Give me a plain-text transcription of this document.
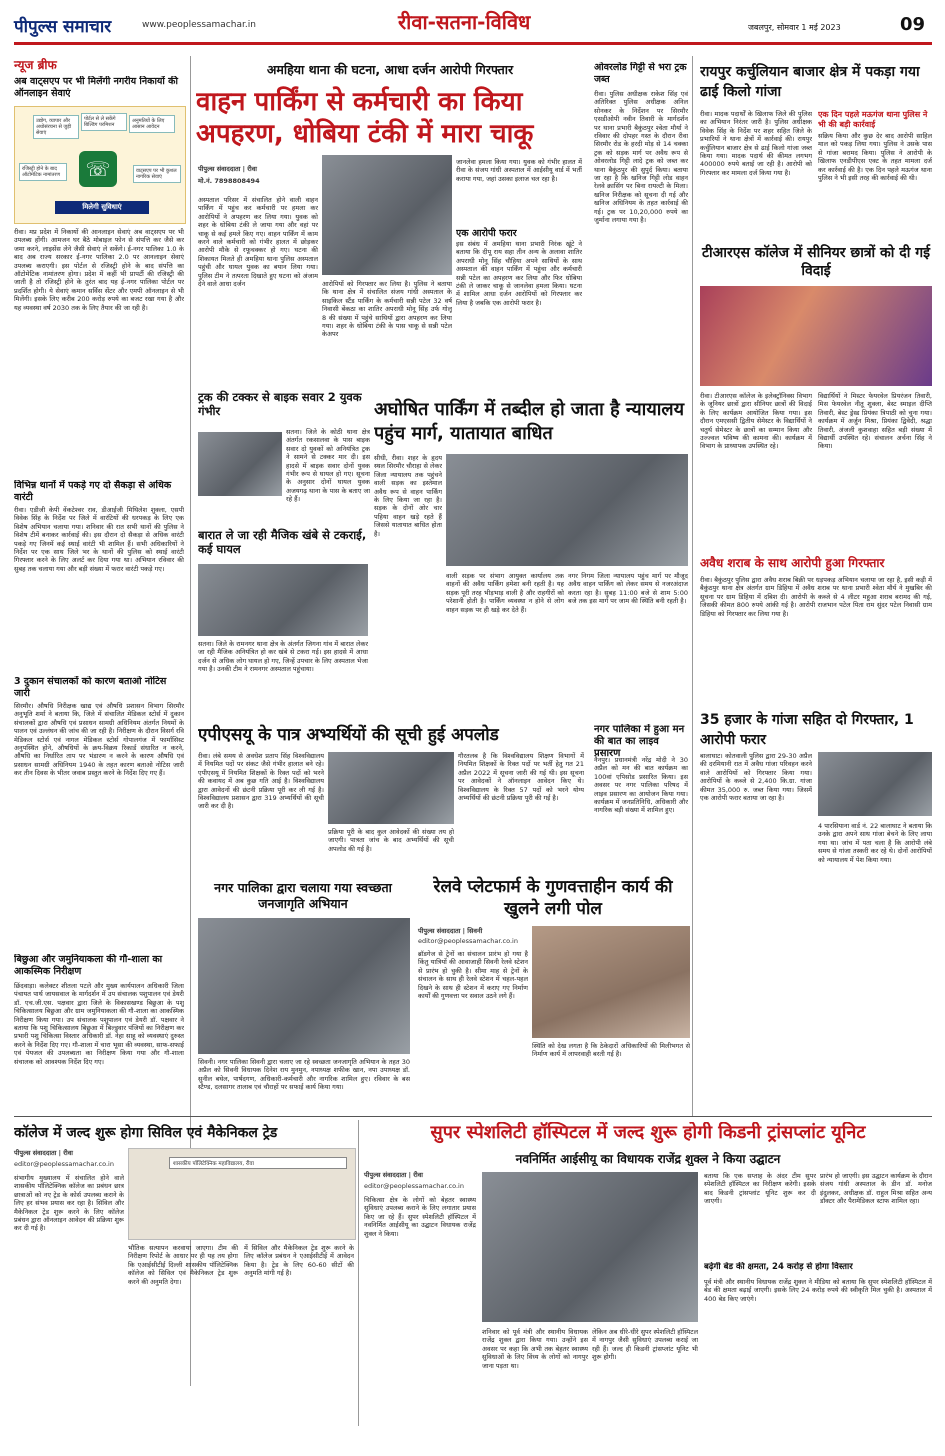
पीपुल्स समाचार	www.peoplessamachar.in	रीवा-सतना-विविध	जबलपुर, सोमवार 1 मई 2023	09
न्यूज ब्रीफ
अब वाट्सएप पर भी मिलेंगी नगरीय निकायों की ऑनलाइन सेवाएं
उद्योग, व्यापार और अधोसंरचना से जुड़ी सेवाएं
पोर्टल से ले सकेंगे बिल्डिंग परमिशन
अनुमतियों के लिए आसान आवेदन
रजिस्ट्री होने के बाद ऑटोमेटिक नामांतरण
वाट्सएप पर भी कुशल नागरिक सेवाएं
☏
मिलेगी सुविधाएं
रीवा। मप्र प्रदेश में निकायों की आनलाइन सेवाएं अब वाट्सएप पर भी उपलब्ध होंगी। आमजन घर बैठे मोबाइल फोन से संपत्ति कर जैसे कर जमा करने, लाइसेंस लेने जैसी सेवाएं ले सकेंगे। ई-नगर पालिका 1.0 के बाद अब राज्य सरकार ई-नगर पालिका 2.0 पर आनलाइन सेवाएं उपलब्ध कराएगी। इस पोर्टल से रजिस्ट्री होने के बाद संपत्ति का ऑटोमेटिक नामांतरण होगा। प्रदेश में कहीं भी प्रापर्टी की रजिस्ट्री की जाती है तो रजिस्ट्री होने के तुरंत बाद यह ई-नगर पालिका पोर्टल पर प्रदर्शित होगी। ये सेवाएं कमान सर्विस सेंटर और एमपी ऑनलाइन से भी मिलेंगी। इसके लिए करीब 200 करोड़ रुपये का बजट रखा गया है और यह व्यवस्था वर्ष 2030 तक के लिए तैयार की जा रही है।
विभिन्न थानों में पकड़े गए दो सैकड़ा से अधिक वारंटी
रीवा। एडीजी केपी वेंकटेश्वर राव, डीआईजी मिथिलेश शुक्ला, एसपी विवेक सिंह के निर्देश पर जिले में वारंटियों की धरपकड़ के लिए एक विशेष अभियान चलाया गया। शनिवार की रात सभी थानों की पुलिस ने विशेष टीमें बनाकर कार्रवाई की। इस दौरान दो सैकड़ा से अधिक वारंटी पकड़े गए जिनमें कई स्थाई वारंटी भी शामिल हैं। सभी अधिकारियों ने निर्देश पर एक साथ जिले भर के थानों की पुलिस को स्थाई वारंटी गिरफ्तार करने के लिए अलर्ट कर दिया गया था। अभियान रविवार की सुबह तक चलाया गया और बड़ी संख्या में फरार वारंटी पकड़े गए।
3 दुकान संचालकों को कारण बताओ नोटिस जारी
सिरमौर। औषधि निरीक्षक खाद्य एवं औषधि प्रशासन विभाग सिरमौर अनुभूति शर्मा ने बताया कि, जिले में संचालित मेडिकल स्टोर्स में दुकान संचालकों द्वारा औषधि एवं प्रसाधन सामग्री अधिनियम अंतर्गत नियमों के पालन एवं उल्लंघन की जांच की जा रही है। निरीक्षण के दौरान विसर्ग रवि मेडिकल स्टोर्स एवं नागल मेडिकल स्टोर्स गोपालगंज में फार्मासिस्ट अनुपस्थित होने, औषधियों के क्रय-विक्रय रिकार्ड संधारित न करने, औषधि का निर्धारित ताप पर भंडारण न करने के कारण औषधि एवं प्रसाधन सामग्री अधिनियम 1940 के तहत कारण बताओ नोटिस जारी कर तीन दिवस के भीतर जवाब प्रस्तुत करने के निर्देश दिए गए हैं।
बिछुआ और जमुनियाकला की गौ-शाला का आकस्मिक निरीक्षण
छिंदवाड़ा। कलेक्टर शीतला पटले और मुख्य कार्यपालन अधिकारी जिला पंचायत पार्थ जायसवाल के मार्गदर्शन में उप संचालक पशुपालन एवं डेयरी डॉ. एच.जी.एस. पक्षवार द्वारा जिले के विकासखण्ड बिछुआ के पशु चिकित्सालय बिछुआ और ग्राम जमुनियाकला की गौ-शाला का आकस्मिक निरीक्षण किया गया। उप संचालक पशुपालन एवं डेयरी डॉ. पक्षवार ने बताया कि पशु चिकित्सालय बिछुआ में बिल्डुवार पंजियों का निरीक्षण कर प्रभारी पशु चिकित्सा विस्तार अधिकारी डॉ. नेहा साहू को व्यवस्थाएं दुरुस्त करने के निर्देश दिए गए। गौ-शाला में चारा भूसा की व्यवस्था, साफ-सफाई एवं पेयजल की उपलब्धता का निरीक्षण किया गया और गौ-शाला संचालक को आवश्यक निर्देश दिए गए।
अमहिया थाना की घटना, आधा दर्जन आरोपी गिरफ्तार
वाहन पार्किंग से कर्मचारी का किया अपहरण, धोबिया टंकी में मारा चाकू
पीपुल्स संवाददाता | रीवा
मो.नं. 7898808494
अस्पताल परिसर में संचालित होने वाली वाहन पार्किंग में पहुंच कर कर्मचारी पर हमला कर आरोपियों ने अपहरण कर लिया गया। युवक को शहर के धोबिया टंकी ले जाया गया और वहां पर चाकू से कई हमले किए गए। वाहन पार्किंग में काम करने वाले कर्मचारी को गंभीर हालत में छोड़कर आरोपी मौके से रफूचक्कर हो गए। घटना की शिकायत मिलते ही अमहिया थाना पुलिस अस्पताल पहुंची और घायल युवक का बयान लिया गया। पुलिस टीम ने तत्परता दिखाते हुए घटना को अंजाम देने वाले आधा दर्जन	आरोपियों को गिरफ्तार कर लिया है। पुलिस ने बताया कि थाना क्षेत्र में संचालित संजय गांधी अस्पताल के साइकिल स्टैंड पार्किंग के कर्मचारी सन्नी पटेल 32 वर्ष निवासी बेंकठा का शातिर अपराधी मोनू सिंह उर्फ गोलू 8 की संख्या में पहुंचे साथियों द्वारा अपहरण कर लिया गया। शहर के धोबिया टंकी के पास चाकू से सन्नी पटेल केअपर
जानलेवा हमला किया गया। युवक को गंभीर हालत में रीवा के संजय गांधी अस्पताल में आईसीयू वार्ड में भर्ती कराया गया, जहां उसका इलाज चल रहा है।
एक आरोपी फरार
इस संबंध में अमहिया थाना प्रभारी निरंक खूंटे ने बताया कि दीपू राय सहा तीन अन्य के अलावा शातिर अपराधी मोनू सिंह चौहिया अपने साथियों के साथ अस्पताल की वाहन पार्किंग में पहुंचा और कर्मचारी सन्नी पटेल का अपहरण कर लिया और फिर धोबिया टंकी ले जाकर चाकू से जानलेवा हमला किया। घटना में शामिल आधा दर्जन आरोपियों को गिरफ्तार कर लिया है जबकि एक आरोपी फरार है।
ट्रक की टक्कर से बाइक सवार 2 युवक गंभीर
सतना। जिले के कोठी थाना क्षेत्र अंतर्गत रकसालवा के पास बाइक सवार दो युवकों को अनियंत्रित ट्रक ने सामने से टक्कर मार दी। इस हादसे में बाइक सवार दोनों युवक गंभीर रूप से घायल हो गए। सूचना के अनुसार दोनों घायल युवक अजयगढ़ थाना के पास के बताए जा रहे हैं।
बारात ले जा रही मैजिक खंबे से टकराई, कई घायल
सतना। जिले के रामनगर थाना क्षेत्र के अंतर्गत जिगना गांव में बारात लेकर जा रही मैजिक अनियंत्रित हो कर खंबे से टकरा गई। इस हादसे में आधा दर्जन से अधिक लोग घायल हो गए, जिन्हें उपचार के लिए अस्पताल भेजा गया है। उनकी टीम ने रामनगर अस्पताल पहुंचाया।
ओवरलोड गिट्टी से भरा ट्रक जब्त
रीवा। पुलिस अधीक्षक राकेश सिंह एवं अतिरिक्त पुलिस अधीक्षक अनिल सोनकर के निर्देशन पर सिरमौर एसडीओपी नवीन तिवारी के मार्गदर्शन पर थाना प्रभारी बैकुंठपुर श्वेता मौर्या ने रविवार की दोपहर गस्त के दौरान रीवा सिरमौर रोड के हरदी मोड़ से 14 चक्का ट्रक को सड़क मार्ग पर अवैध रूप से ओवरलोड गिट्टी लादे ट्रक को जब्त कर थाना बैकुंठपुर की सुपुर्द किया। बताया जा रहा है कि खनिज गिट्टी लोड वाहन रेलवे क्रासिंग पर बिना रायल्टी के मिला। खनिज निरीक्षक को सूचना दी गई और खनिज अधिनियम के तहत कार्रवाई की गई। ट्रक पर 10,20,000 रुपये का जुर्माना लगाया गया है।
अघोषित पार्किंग में तब्दील हो जाता है न्यायालय पहुंच मार्ग, यातायात बाधित
सीधी, रीवा। शहर के हृदय स्थल सिरमौर चौराहा से लेकर जिला न्यायालय तक पहुंचने वाली सड़क का इस्तेमाल अवैध रूप से वाहन पार्किंग के लिए किया जा रहा है। सड़क के दोनों ओर चार पहिया वाहन खड़े रहते हैं जिससे यातायात बाधित होता है।
वाली सड़क पर संभाग आयुक्त कार्यालय तक वाहनों की अवैध पार्किंग हमेशा बनी रहती है। यह सड़क पूरी तरह भीड़भाड़ वाली है और राहगीरों को परेशानी होती है। पार्किंग व्यवस्था न होने से लोग वाहन सड़क पर ही खड़े कर देते हैं।
नगर निगम जिला न्यायालय पहुंच मार्ग पर मौजूद अवैध वाहन पार्किंग को लेकर समय से नजरअंदाज करता रहा है। सुबह 11:00 बजे से शाम 5:00 बजे तक इस मार्ग पर जाम की स्थिति बनी रहती है।
एपीएसयू के पात्र अभ्यर्थियों की सूची हुई अपलोड
रीवा। लंबे समय से अवधेश प्रताप सिंह विश्वविद्यालय में नियमित पदों पर संकट जैसे गंभीर हालात बने रहे। एपीएसयू में नियमित शिक्षकों के रिक्त पदों को भरने की कवायद में अब कुछ गति आई है। विश्वविद्यालय द्वारा आवेदनों की छंटनी प्रक्रिया पूरी कर ली गई है। विश्वविद्यालय प्रशासन द्वारा 319 अभ्यर्थियों की सूची जारी कर दी है।
प्रक्रिया पूरी के बाद कुल आवेदकों की संख्या तय हो जाएगी। पात्रता जांच के बाद अभ्यर्थियों की सूची अपलोड की गई है।
गौरतलब है कि विश्वविद्यालय शिक्षण विभागों में नियमित शिक्षकों के रिक्त पदों पर भर्ती हेतु गत 21 अप्रैल 2022 में सूचना जारी की गई थी। इस सूचना पर आवेदकों ने ऑनलाइन आवेदन किए थे। विश्वविद्यालय के रिक्त 57 पदों को भरने योग्य अभ्यर्थियों की छंटनी प्रक्रिया पूरी की गई है।
नगर पालिका में हुआ मन की बात का लाइव प्रसारण
नैनपुर। प्रधानमंत्री नरेंद्र मोदी ने 30 अप्रैल को मन की बात कार्यक्रम का 100वां एपिसोड प्रसारित किया। इस अवसर पर नगर पालिका परिषद में लाइव प्रसारण का आयोजन किया गया। कार्यक्रम में जनप्रतिनिधि, अधिकारी और नागरिक बड़ी संख्या में शामिल हुए।
नगर पालिका द्वारा चलाया गया स्वच्छता जनजागृति अभियान
सिवनी। नगर पालिका सिवनी द्वारा चलाए जा रहे स्वच्छता जनजागृति अभियान के तहत 30 अप्रैल को सिवनी विधायक दिनेश राय मुनमुन, नपाध्यक्ष शफीक खान, नपा उपाध्यक्ष डॉ. सुनील बघेल, पार्षदगण, अधिकारी-कर्मचारी और नागरिक शामिल हुए। रविवार के बस स्टैण्ड, दलसागर तालाब एवं चौराहों पर सफाई कार्य किया गया।
रेलवे प्लेटफार्म के गुणवत्ताहीन कार्य की खुलने लगी पोल
पीपुल्स संवाददाता | सिवनी
editor@peoplessamachar.co.in
ब्रॉडगेज से ट्रेनों का संचालन प्रारंभ हो गया है किंतु यात्रियों की आवाजाही सिवनी रेलवे स्टेशन से प्रारंभ हो चुकी है। सीमा माह से ट्रेनों के संचालन के साथ ही रेलवे स्टेशन में चहल-पहल दिखने के साथ ही स्टेशन में कराए गए निर्माण कार्यों की गुणवत्ता पर सवाल उठने लगे हैं।
स्थिति को देख लगता है कि ठेकेदारों अधिकारियों की मिलीभगत से निर्माण कार्य में लापरवाही बरती गई है।
रायपुर कर्चुलियान बाजार क्षेत्र में पकड़ा गया ढाई किलो गांजा
रीवा। मादक पदार्थों के खिलाफ जिले की पुलिस का अभियान निरंतर जारी है। पुलिस अधीक्षक विवेक सिंह के निर्देश पर शहर सहित जिले के प्रभारियों ने थाना क्षेत्रों में कार्रवाई की। रायपुर कर्चुलियान बाजार क्षेत्र से ढाई किलो गांजा जब्त किया गया। मादक पदार्थ की कीमत लगभग 400000 रुपये बताई जा रही है। आरोपी को गिरफ्तार कर मामला दर्ज किया गया है।
एक दिन पहले मऊगंज थाना पुलिस ने भी की बड़ी कार्रवाई
सक्रिय किया और कुछ देर बाद आरोपी साहिल माल को पकड़ लिया गया। पुलिस ने उसके पास से गांजा बरामद किया। पुलिस ने आरोपी के खिलाफ एनडीपीएस एक्ट के तहत मामला दर्ज कर कार्रवाई की है। एक दिन पहले मऊगंज थाना पुलिस ने भी इसी तरह की कार्रवाई की थी।
टीआरएस कॉलेज में सीनियर छात्रों को दी गई विदाई
रीवा। टीआरएस कॉलेज के इलेक्ट्रॉनिक्स विभाग के जूनियर छात्रों द्वारा सीनियर छात्रों की विदाई के लिए कार्यक्रम आयोजित किया गया। इस दौरान एमएससी द्वितीय सेमेस्टर के विद्यार्थियों ने चतुर्थ सेमेस्टर के छात्रों का सम्मान किया और उज्ज्वल भविष्य की कामना की। कार्यक्रम में विभाग के प्राध्यापक उपस्थित रहे।
विद्यार्थियों ने मिस्टर फेयरवेल प्रियरंजन तिवारी, मिस फेयरवेल नीतू शुक्ला, बेस्ट स्माइल दीप्ति तिवारी, बेस्ट ड्रेस्ड प्रियंका त्रिपाठी को चुना गया। कार्यक्रम में अर्जुन मिश्रा, प्रियंका द्विवेदी, श्रद्धा तिवारी, अंजली कुशवाहा सहित बड़ी संख्या में विद्यार्थी उपस्थित रहे। संचालन अर्चना सिंह ने किया।
अवैध शराब के साथ आरोपी हुआ गिरफ्तार
रीवा। बैकुंठपुर पुलिस द्वारा अवैध शराब बिक्री पर धड़पकड़ अभियान चलाया जा रहा है, इसी कड़ी में बैकुंठपुर थाना क्षेत्र अंतर्गत ग्राम डिहिया में अवैध शराब पर थाना प्रभारी श्वेता मौर्य ने मुखबिर की सूचना पर ग्राम डिहिया में दबिश दी। आरोपी के कब्जे से 4 लीटर महुआ शराब बरामद की गई, जिसकी कीमत 800 रुपये आंकी गई है। आरोपी राजभान पटेल पिता राम सुंदर पटेल निवासी ग्राम डिहिया को गिरफ्तार कर लिया गया है।
35 हजार के गांजा सहित दो गिरफ्तार, 1 आरोपी फरार
बालाघाट। कोतवाली पुलिस द्वारा 29-30 अप्रैल की दरमियानी रात में अवैध गांजा परिवहन करने वाले आरोपियों को गिरफ्तार किया गया। आरोपियों के कब्जे से 2,400 कि.ग्रा. गांजा कीमत 35,000 रु. जब्त किया गया। जिसमें एक आरोपी फरार बताया जा रहा है।
4 पारसियाना वार्ड नं. 22 बालाघाट ने बताया कि उनके द्वारा अपने साथ गांजा बेचने के लिए लाया गया था। जांच में पता चला है कि आरोपी लंबे समय से गांजा तस्करी कर रहे थे। दोनों आरोपियों को न्यायालय में पेश किया गया।
कॉलेज में जल्द शुरू होगा सिविल एवं मैकेनिकल ट्रेड
पीपुल्स संवाददाता | रीवा
editor@peoplessamachar.co.in
संभागीय मुख्यालय में संचालित होने वाले शासकीय पॉलिटेक्निक कॉलेज का प्रबंधन छात्र छात्राओं को नए ट्रेड के कोर्स उपलब्ध कराने के लिए हर संभव प्रयास कर रहा है। सिविल और मैकेनिकल ट्रेड शुरू करने के लिए कॉलेज प्रबंधन द्वारा ऑनलाइन आवेदन की प्रक्रिया शुरू कर दी गई है।
शासकीय पॉलिटेक्निक महाविद्यालय, रीवा
भौतिक सत्यापन करवाया जाएगा। टीम की निरीक्षण रिपोर्ट के आधार पर ही यह तय होगा कि एआईसीटीई दिल्ली शासकीय पॉलिटेक्निक कॉलेज को सिविल एवं मैकेनिकल ट्रेड शुरू करने की अनुमति देगा।
में सिविल और मैकेनिकल ट्रेड शुरू करने के लिए कॉलेज प्रबंधन ने एआईसीटीई में आवेदन किया है। ट्रेड के लिए 60-60 सीटों की अनुमति मांगी गई है।
सुपर स्पेशलिटी हॉस्पिटल में जल्द शुरू होगी किडनी ट्रांसप्लांट यूनिट
नवनिर्मित आईसीयू का विधायक राजेंद्र शुक्ल ने किया उद्घाटन
पीपुल्स संवाददाता | रीवा
editor@peoplessamachar.co.in
चिकित्सा क्षेत्र के लोगों को बेहतर स्वास्थ्य सुविधाएं उपलब्ध कराने के लिए लगातार प्रयास किए जा रहे हैं। सुपर स्पेशलिटी हॉस्पिटल में नवनिर्मित आईसीयू का उद्घाटन विधायक राजेंद्र शुक्ल ने किया।
शनिवार को पूर्व मंत्री और स्थानीय विधायक राजेंद्र शुक्ल द्वारा किया गया। उन्होंने इस अवसर पर कहा कि अभी तक बेहतर स्वास्थ्य सुविधाओं के लिए विंध्य के लोगों को नागपुर जाना पड़ता था।
लेकिन अब धीरे-धीरे सुपर स्पेशलिटी हॉस्पिटल में नागपुर जैसी सुविधाएं उपलब्ध कराई जा रही हैं। जल्द ही किडनी ट्रांसप्लांट यूनिट भी शुरू होगी।
बताया कि एक सप्ताह के अंदर टीम सुपर स्पेशलिटी हॉस्पिटल का निरीक्षण करेगी। इसके बाद किडनी ट्रांसप्लांट यूनिट शुरू कर दी जाएगी।
प्रारंभ हो जाएगी। इस उद्घाटन कार्यक्रम के दौरान संजय गांधी अस्पताल के डीन डॉ. मनोज इंदुलकर, अधीक्षक डॉ. राहुल मिश्रा सहित अन्य डॉक्टर और पैरामेडिकल स्टाफ शामिल रहा।
बढ़ेगी बेड की क्षमता, 24 करोड़ से होगा विस्तार
पूर्व मंत्री और स्थानीय विधायक राजेंद्र शुक्ल ने मीडिया को बताया कि सुपर स्पेशलिटी हॉस्पिटल में बेड की क्षमता बढ़ाई जाएगी। इसके लिए 24 करोड़ रुपये की स्वीकृति मिल चुकी है। अस्पताल में 400 बेड किए जाएंगे।
